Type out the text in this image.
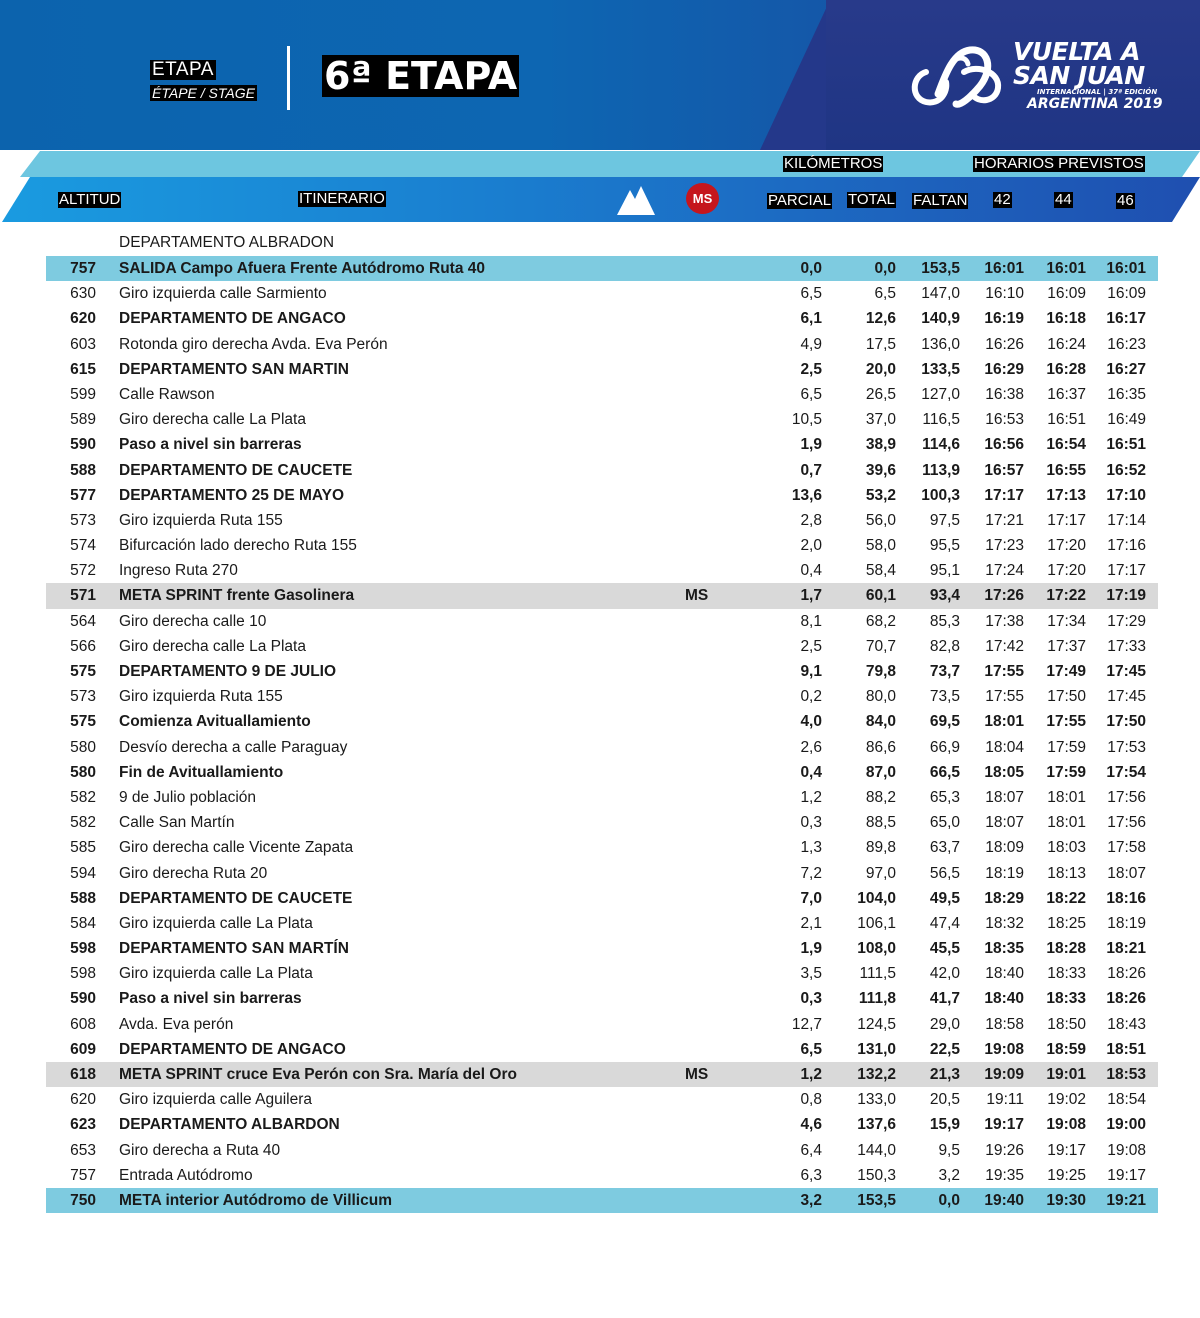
ETAPA
ÉTAPE / STAGE 6ª ETAPA
VUELTA A
SAN JUAN
INTERNACIONAL | 37ª EDICIÓN
ARGENTINA 2019
KILÓMETROS	HORARIOS PREVISTOS
ALTITUD	ITINERARIO	MS	PARCIAL TOTAL FALTAN 42	44	46
DEPARTAMENTO ALBRADON
757 SALIDA Campo Afuera Frente Autódromo Ruta 40	0,0	0,0	153,5	16:01	16:01	16:01
630 Giro izquierda calle Sarmiento	6,5	6,5	147,0	16:10	16:09	16:09
620 DEPARTAMENTO DE ANGACO	6,1	12,6	140,9	16:19	16:18	16:17
603 Rotonda giro derecha Avda. Eva Perón	4,9	17,5	136,0	16:26	16:24	16:23
615 DEPARTAMENTO SAN MARTIN	2,5	20,0	133,5	16:29	16:28	16:27
599 Calle Rawson	6,5	26,5	127,0	16:38	16:37	16:35
589 Giro derecha calle La Plata	10,5	37,0	116,5	16:53	16:51	16:49
590 Paso a nivel sin barreras	1,9	38,9	114,6	16:56	16:54	16:51
588 DEPARTAMENTO DE CAUCETE	0,7	39,6	113,9	16:57	16:55	16:52
577 DEPARTAMENTO 25 DE MAYO	13,6	53,2	100,3	17:17	17:13	17:10
573 Giro izquierda Ruta 155	2,8	56,0	97,5	17:21	17:17	17:14
574 Bifurcación lado derecho Ruta 155	2,0	58,0	95,5	17:23	17:20	17:16
572 Ingreso Ruta 270	0,4	58,4	95,1	17:24	17:20	17:17
571 META SPRINT frente Gasolinera	MS	1,7	60,1	93,4	17:26	17:22	17:19
564 Giro derecha calle 10	8,1	68,2	85,3	17:38	17:34	17:29
566 Giro derecha calle La Plata	2,5	70,7	82,8	17:42	17:37	17:33
575 DEPARTAMENTO 9 DE JULIO	9,1	79,8	73,7	17:55	17:49	17:45
573 Giro izquierda Ruta 155	0,2	80,0	73,5	17:55	17:50	17:45
575 Comienza Avituallamiento	4,0	84,0	69,5	18:01	17:55	17:50
580 Desvío derecha a calle Paraguay	2,6	86,6	66,9	18:04	17:59	17:53
580 Fin de Avituallamiento	0,4	87,0	66,5	18:05	17:59	17:54
582 9 de Julio población	1,2	88,2	65,3	18:07	18:01	17:56
582 Calle San Martín	0,3	88,5	65,0	18:07	18:01	17:56
585 Giro derecha calle Vicente Zapata	1,3	89,8	63,7	18:09	18:03	17:58
594 Giro derecha Ruta 20	7,2	97,0	56,5	18:19	18:13	18:07
588 DEPARTAMENTO DE CAUCETE	7,0	104,0	49,5	18:29	18:22	18:16
584 Giro izquierda calle La Plata	2,1	106,1	47,4	18:32	18:25	18:19
598 DEPARTAMENTO SAN MARTÍN	1,9	108,0	45,5	18:35	18:28	18:21
598 Giro izquierda calle La Plata	3,5	111,5	42,0	18:40	18:33	18:26
590 Paso a nivel sin barreras	0,3	111,8	41,7	18:40	18:33	18:26
608 Avda. Eva perón	12,7	124,5	29,0	18:58	18:50	18:43
609 DEPARTAMENTO DE ANGACO	6,5	131,0	22,5	19:08	18:59	18:51
618 META SPRINT cruce Eva Perón con Sra. María del Oro	MS	1,2	132,2	21,3	19:09	19:01	18:53
620 Giro izquierda calle Aguilera	0,8	133,0	20,5	19:11	19:02	18:54
623 DEPARTAMENTO ALBARDON	4,6	137,6	15,9	19:17	19:08	19:00
653 Giro derecha a Ruta 40	6,4	144,0	9,5	19:26	19:17	19:08
757 Entrada Autódromo	6,3	150,3	3,2	19:35	19:25	19:17
750 META interior Autódromo de Villicum	3,2	153,5	0,0	19:40	19:30	19:21
